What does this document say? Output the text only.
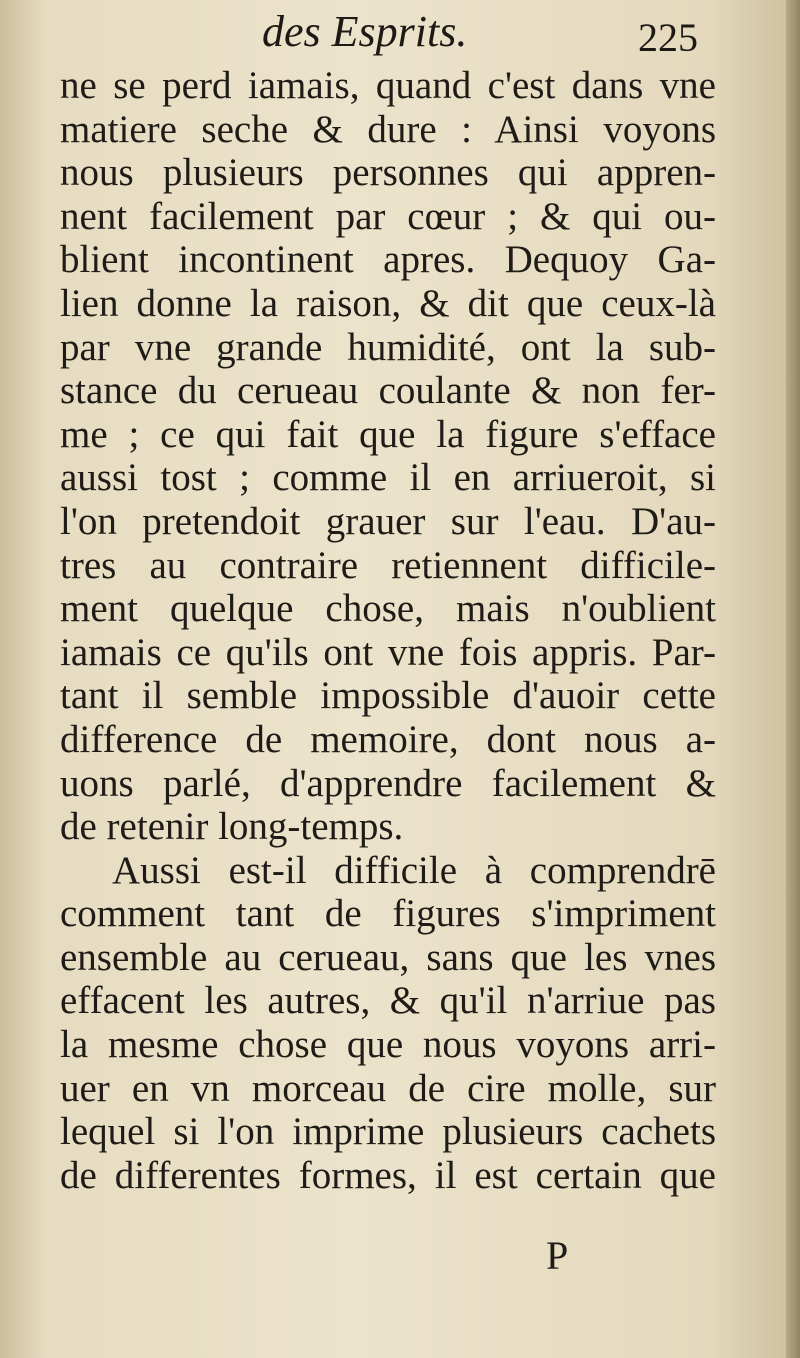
des Esprits.	225
ne se perd iamais, quand c'est dans vne
matiere seche & dure : Ainsi voyons
nous plusieurs personnes qui appren-
nent facilement par cœur ; & qui ou-
blient incontinent apres. Dequoy Ga-
lien donne la raison, & dit que ceux-là
par vne grande humidité, ont la sub-
stance du cerueau coulante & non fer-
me ; ce qui fait que la figure s'efface
aussi tost ; comme il en arriueroit, si
l'on pretendoit grauer sur l'eau. D'au-
tres au contraire retiennent difficile-
ment quelque chose, mais n'oublient
iamais ce qu'ils ont vne fois appris. Par-
tant il semble impossible d'auoir cette
difference de memoire, dont nous a-
uons parlé, d'apprendre facilement &
de retenir long-temps.
Aussi est-il difficile à comprendrē
comment tant de figures s'impriment
ensemble au cerueau, sans que les vnes
effacent les autres, & qu'il n'arriue pas
la mesme chose que nous voyons arri-
uer en vn morceau de cire molle, sur
lequel si l'on imprime plusieurs cachets
de differentes formes, il est certain que
P
